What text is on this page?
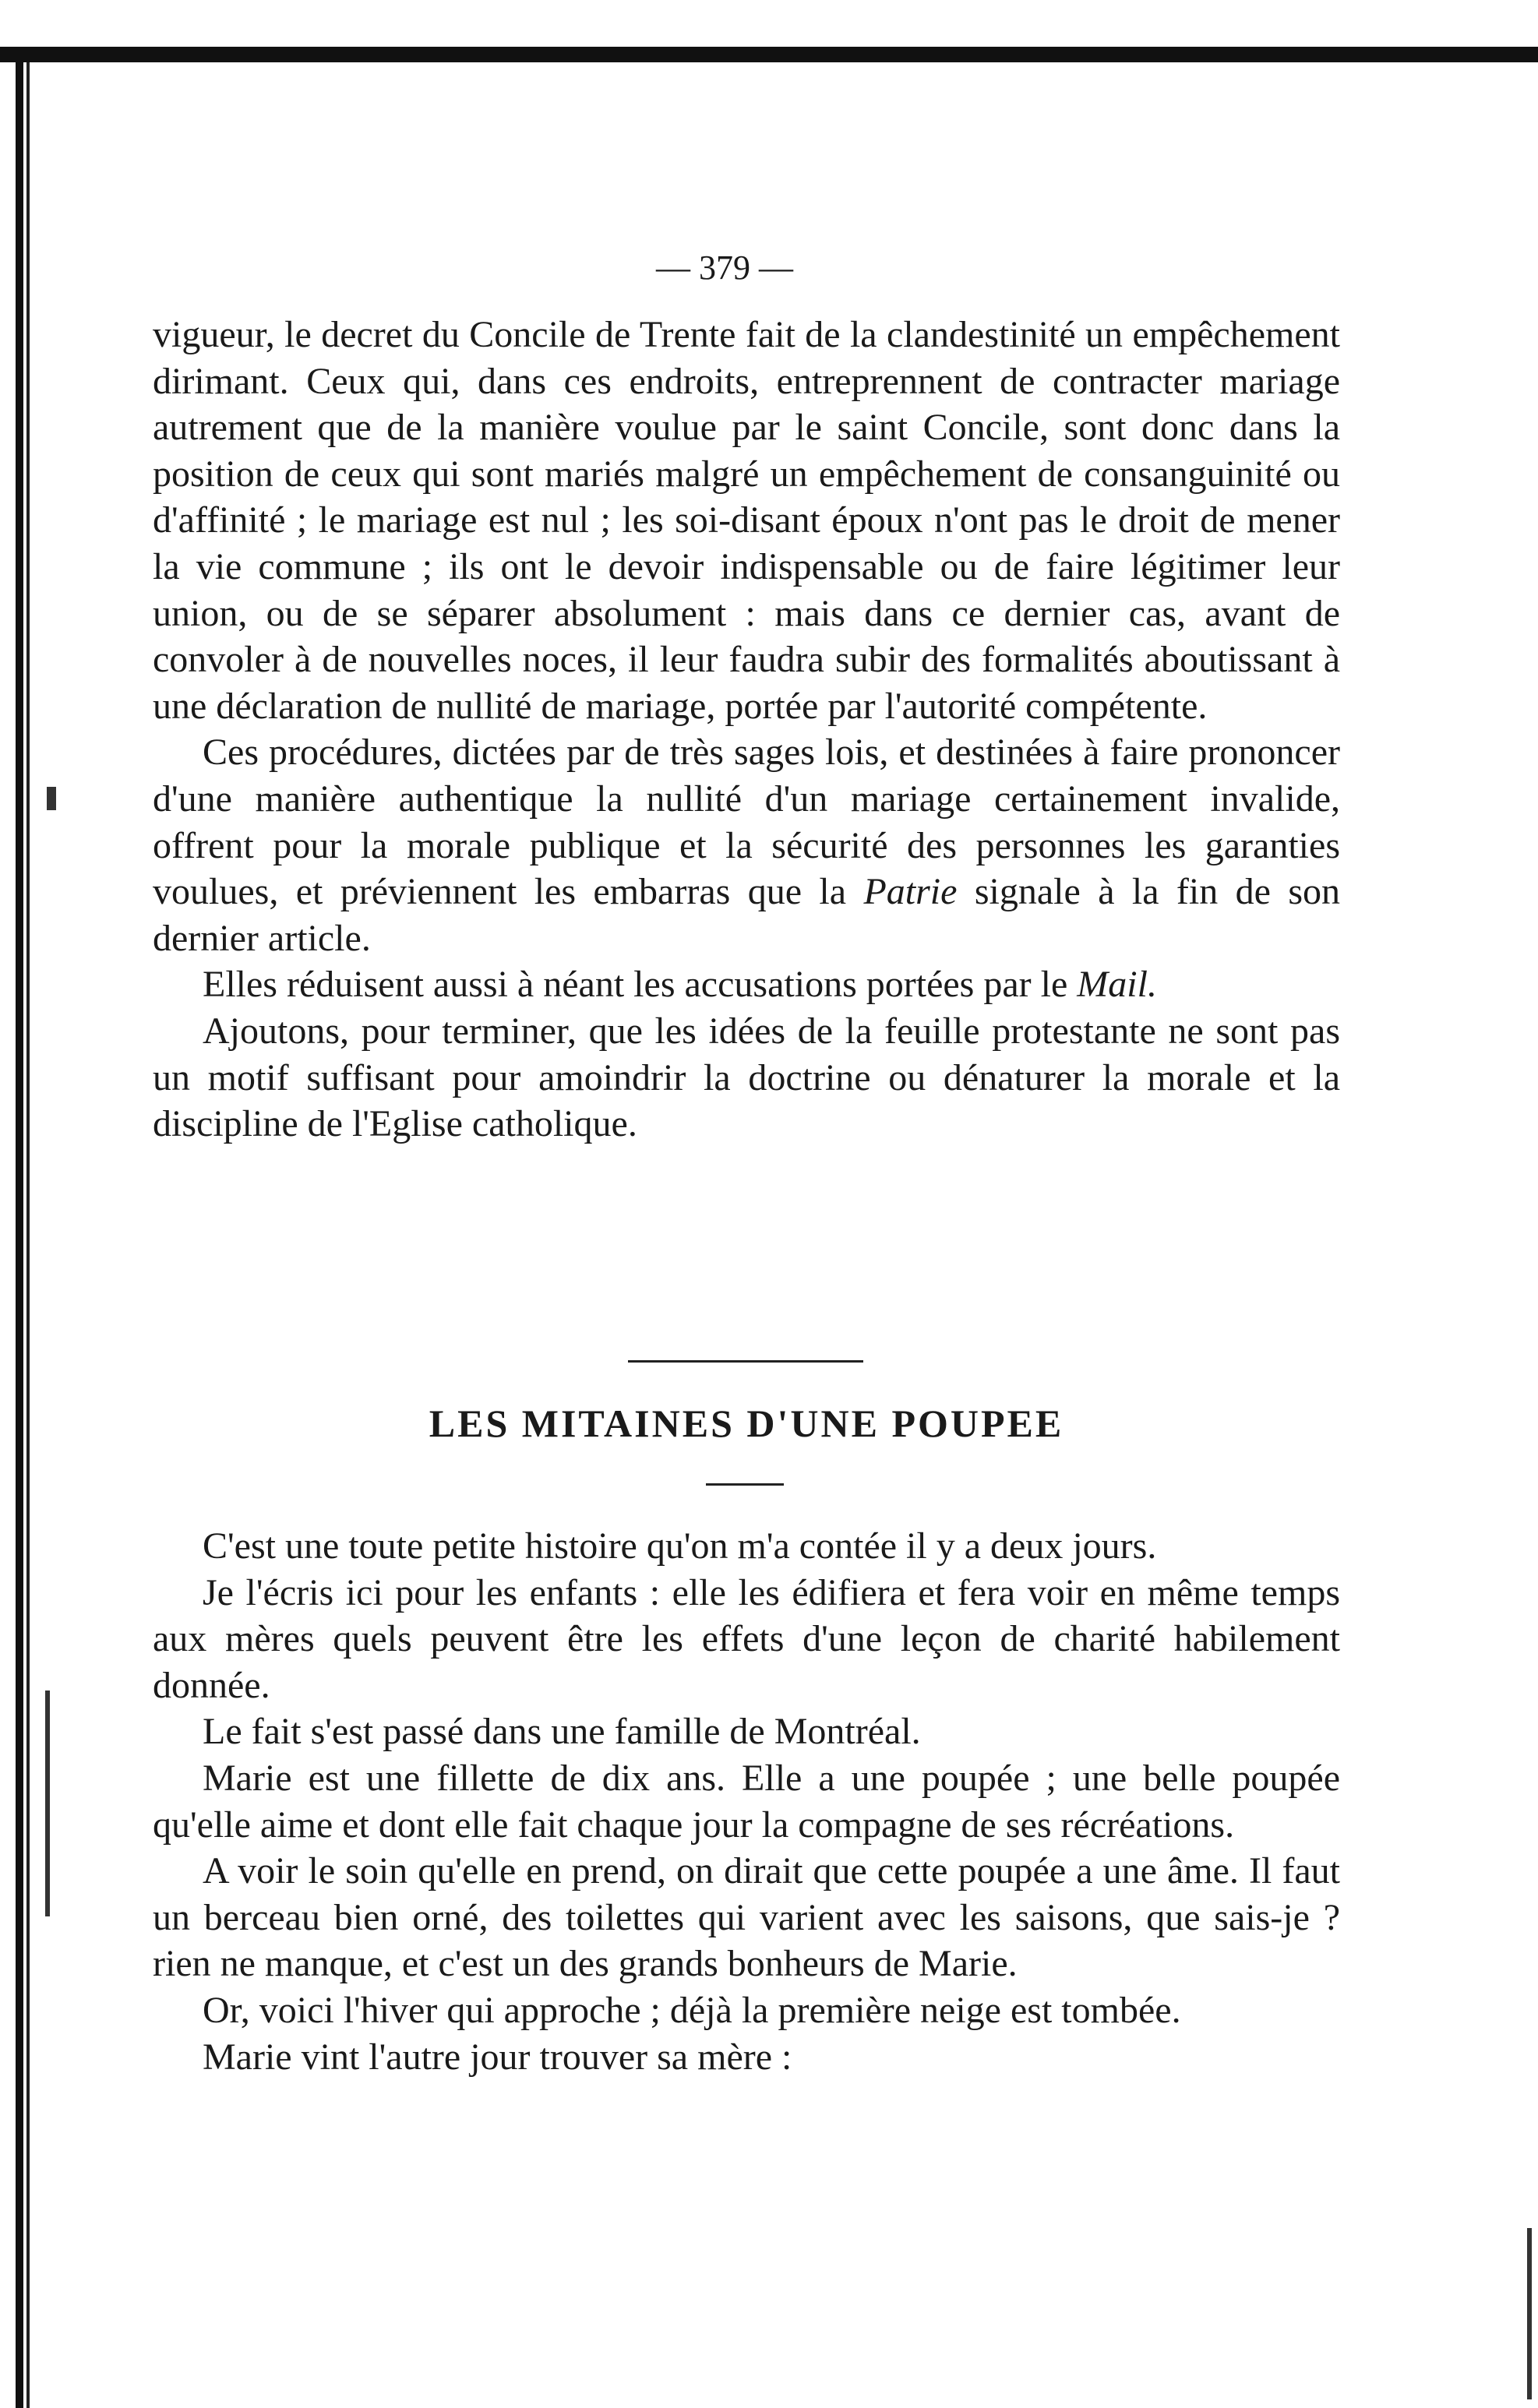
— 379 —

vigueur, le decret du Concile de Trente fait de la clandestinité un empêchement dirimant. Ceux qui, dans ces endroits, entreprennent de contracter mariage autrement que de la manière voulue par le saint Concile, sont donc dans la position de ceux qui sont mariés malgré un empêchement de consanguinité ou d'affinité ; le mariage est nul ; les soi-disant époux n'ont pas le droit de mener la vie commune ; ils ont le devoir indispensable ou de faire légitimer leur union, ou de se séparer absolument : mais dans ce dernier cas, avant de convoler à de nouvelles noces, il leur faudra subir des formalités aboutissant à une déclaration de nullité de mariage, portée par l'autorité compétente.

Ces procédures, dictées par de très sages lois, et destinées à faire prononcer d'une manière authentique la nullité d'un mariage certainement invalide, offrent pour la morale publique et la sécurité des personnes les garanties voulues, et préviennent les embarras que la Patrie signale à la fin de son dernier article.

Elles réduisent aussi à néant les accusations portées par le Mail.

Ajoutons, pour terminer, que les idées de la feuille protestante ne sont pas un motif suffisant pour amoindrir la doctrine ou dénaturer la morale et la discipline de l'Eglise catholique.

LES MITAINES D'UNE POUPEE

C'est une toute petite histoire qu'on m'a contée il y a deux jours.

Je l'écris ici pour les enfants : elle les édifiera et fera voir en même temps aux mères quels peuvent être les effets d'une leçon de charité habilement donnée.

Le fait s'est passé dans une famille de Montréal.

Marie est une fillette de dix ans. Elle a une poupée ; une belle poupée qu'elle aime et dont elle fait chaque jour la compagne de ses récréations.

A voir le soin qu'elle en prend, on dirait que cette poupée a une âme. Il faut un berceau bien orné, des toilettes qui varient avec les saisons, que sais-je ? rien ne manque, et c'est un des grands bonheurs de Marie.

Or, voici l'hiver qui approche ; déjà la première neige est tombée.

Marie vint l'autre jour trouver sa mère :
